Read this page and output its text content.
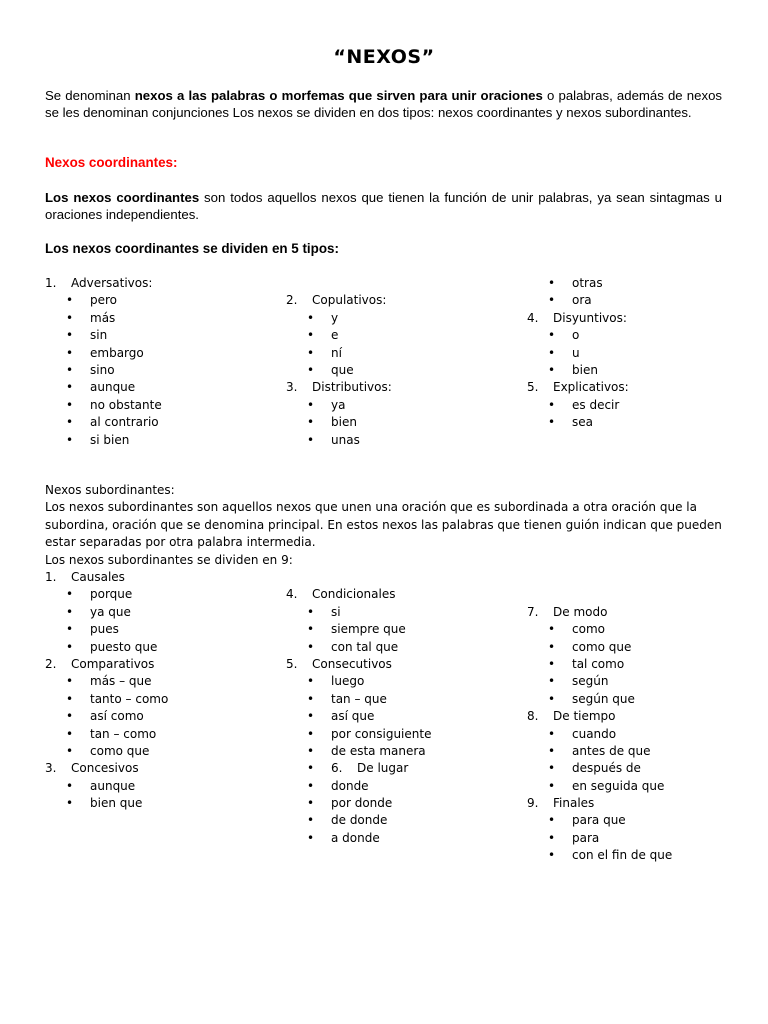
“NEXOS”
Se denominan nexos a las palabras o morfemas que sirven para unir oraciones o palabras, además de nexos se les denominan conjunciones Los nexos se dividen en dos tipos: nexos coordinantes y nexos subordinantes.
Nexos coordinantes:
Los nexos coordinantes son todos aquellos nexos que tienen la función de unir palabras, ya sean sintagmas u oraciones independientes.
Los nexos coordinantes se dividen en 5 tipos:
1. Adversativos:
• pero
• más
• sin
• embargo
• sino
• aunque
• no obstante
• al contrario
• si bien
2. Copulativos:
• y
• e
• ní
• que
3. Distributivos:
• ya
• bien
• unas
• otras
• ora
4. Disyuntivos:
• o
• u
• bien
5. Explicativos:
• es decir
• sea
Nexos subordinantes:
Los nexos subordinantes son aquellos nexos que unen una oración que es subordinada a otra oración que la subordina, oración que se denomina principal. En estos nexos las palabras que tienen guión indican que pueden estar separadas por otra palabra intermedia.
Los nexos subordinantes se dividen en 9:
1. Causales
• porque
• ya que
• pues
• puesto que
2. Comparativos
• más – que
• tanto – como
• así como
• tan – como
• como que
3. Concesivos
• aunque
• bien que
4. Condicionales
• si
• siempre que
• con tal que
5. Consecutivos
• luego
• tan – que
• así que
• por consiguiente
• de esta manera
• 6. De lugar
• donde
• por donde
• de donde
• a donde
7. De modo
• como
• como que
• tal como
• según
• según que
8. De tiempo
• cuando
• antes de que
• después de
• en seguida que
9. Finales
• para que
• para
• con el fin de que
